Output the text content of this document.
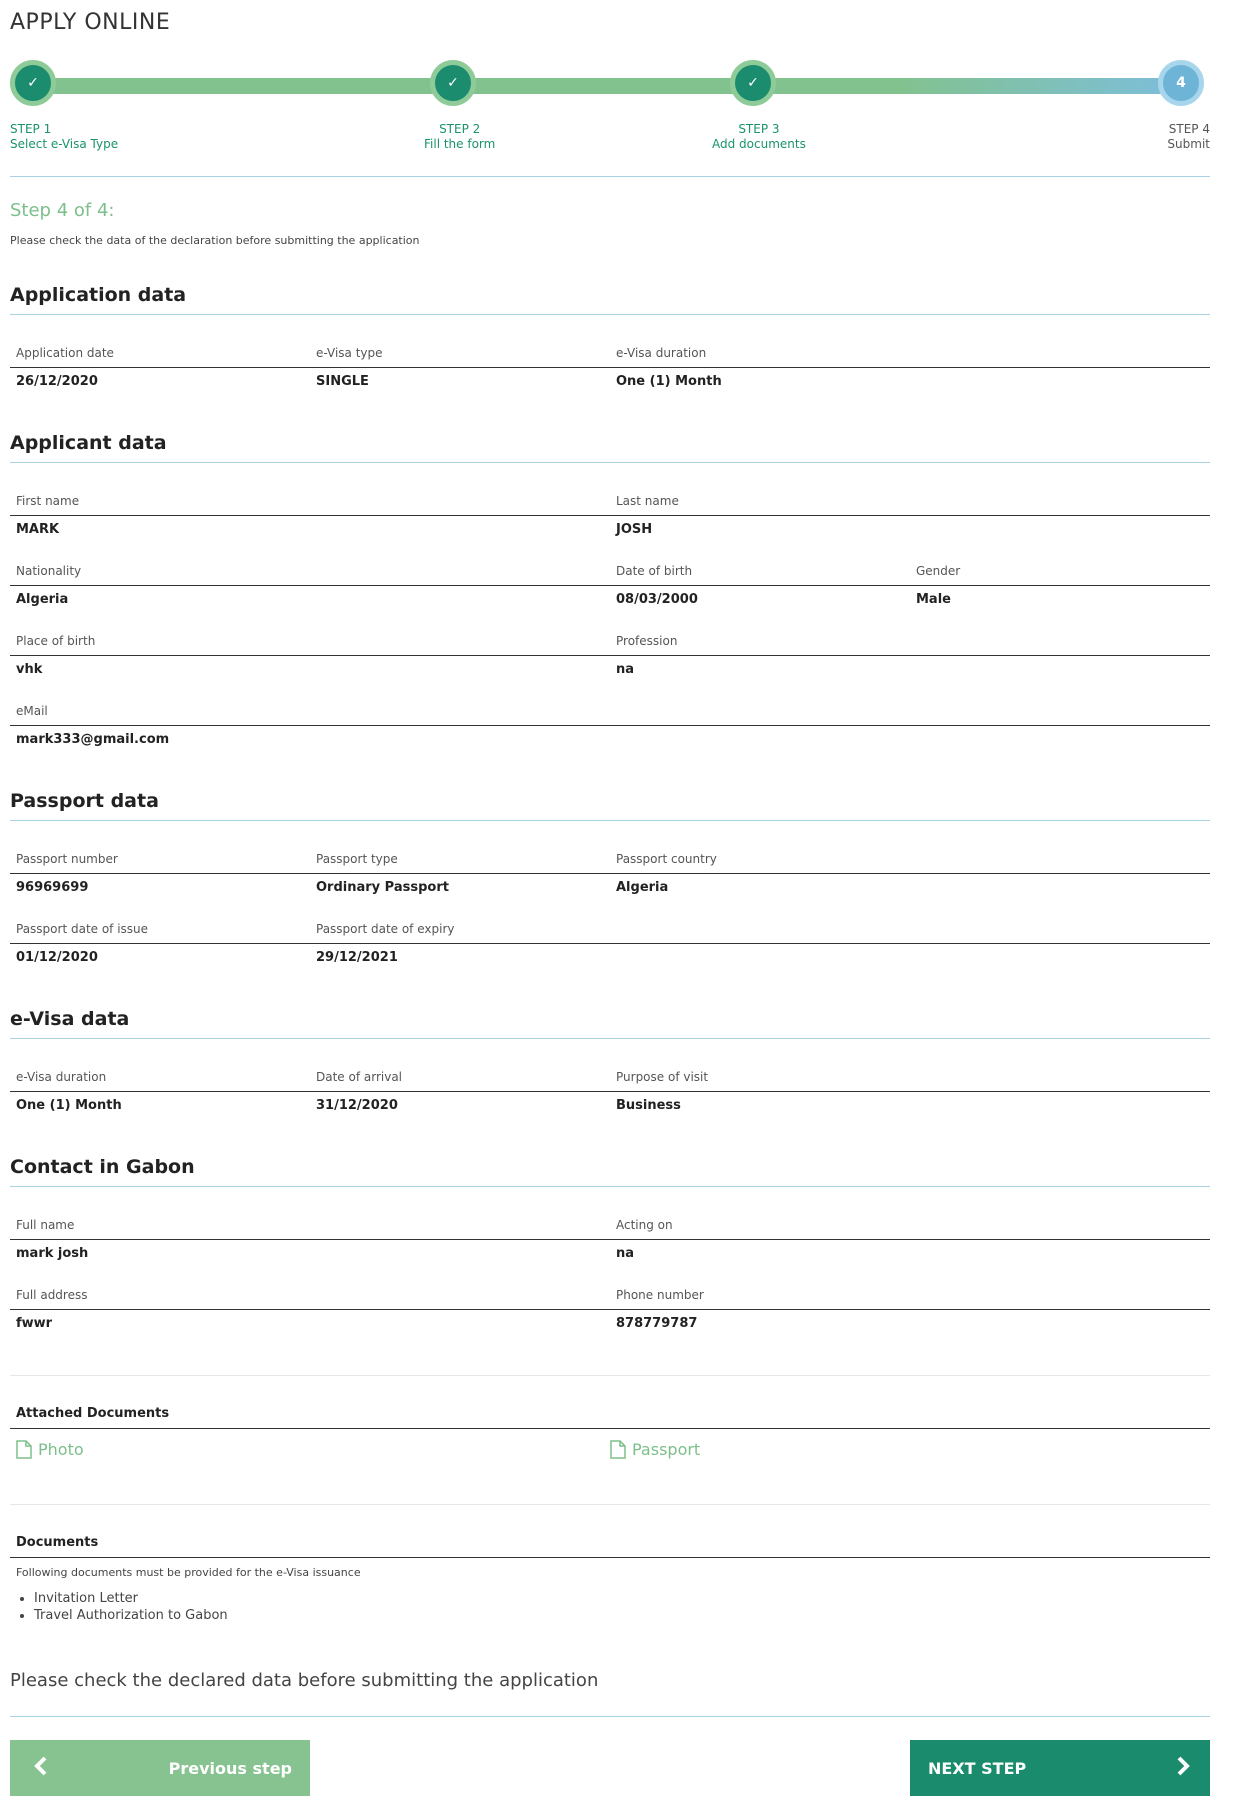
APPLY ONLINE
✓	✓	✓	4
STEP 1
Select e-Visa Type
STEP 2
Fill the form
STEP 3
Add documents
STEP 4
Submit
Step 4 of 4:
Please check the data of the declaration before submitting the application
Application data
Application date	e-Visa type	e-Visa duration
26/12/2020	SINGLE	One (1) Month
Applicant data
First name	Last name
MARK	JOSH
Nationality	Date of birth	Gender
Algeria	08/03/2000	Male
Place of birth	Profession
vhk	na
eMail
mark333@gmail.com
Passport data
Passport number	Passport type	Passport country
96969699	Ordinary Passport	Algeria
Passport date of issue	Passport date of expiry
01/12/2020	29/12/2021
e-Visa data
e-Visa duration	Date of arrival	Purpose of visit
One (1) Month	31/12/2020	Business
Contact in Gabon
Full name	Acting on
mark josh	na
Full address	Phone number
fwwr	878779787
Attached Documents
Photo	Passport
Documents
Following documents must be provided for the e-Visa issuance
• Invitation Letter
• Travel Authorization to Gabon
Please check the declared data before submitting the application
Previous step	NEXT STEP
